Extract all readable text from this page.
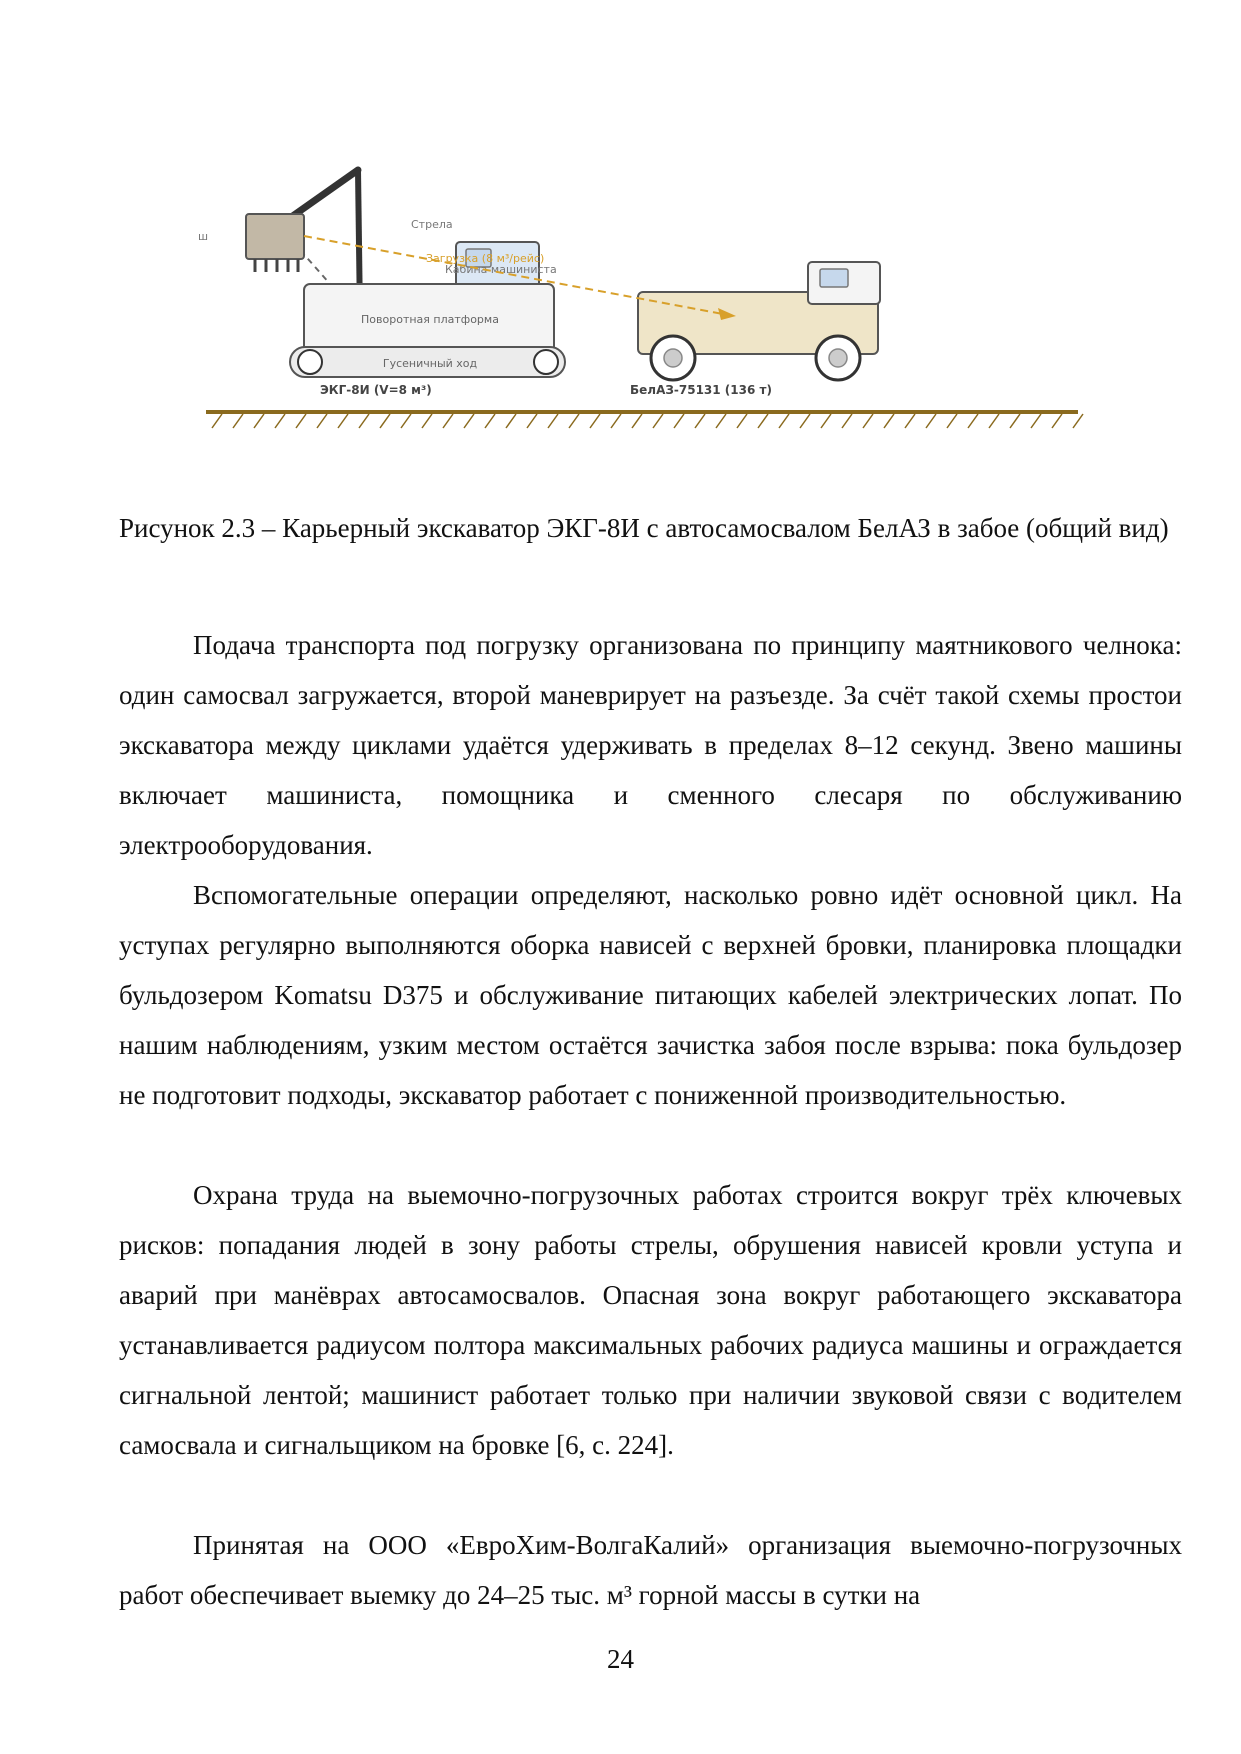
ш
Поворотная платформа
Гусеничный ход
Стрела
Кабина машиниста
Загрузка (8 м³/рейс)
ЭКГ-8И (V=8 м³)	БелАЗ-75131 (136 т)

Рисунок 2.3 – Карьерный экскаватор ЭКГ-8И с автосамосвалом БелАЗ в забое (общий вид)

Подача транспорта под погрузку организована по принципу маятникового челнока: один самосвал загружается, второй маневрирует на разъезде. За счёт такой схемы простои экскаватора между циклами удаётся удерживать в пределах 8–12 секунд. Звено машины включает машиниста, помощника и сменного слесаря по обслуживанию электрооборудования.

Вспомогательные операции определяют, насколько ровно идёт основной цикл. На уступах регулярно выполняются оборка нависей с верхней бровки, планировка площадки бульдозером Komatsu D375 и обслуживание питающих кабелей электрических лопат. По нашим наблюдениям, узким местом остаётся зачистка забоя после взрыва: пока бульдозер не подготовит подходы, экскаватор работает с пониженной производительностью.

Охрана труда на выемочно-погрузочных работах строится вокруг трёх ключевых рисков: попадания людей в зону работы стрелы, обрушения нависей кровли уступа и аварий при манёврах автосамосвалов. Опасная зона вокруг работающего экскаватора устанавливается радиусом полтора максимальных рабочих радиуса машины и ограждается сигнальной лентой; машинист работает только при наличии звуковой связи с водителем самосвала и сигнальщиком на бровке [6, с. 224].

Принятая на ООО «ЕвроХим-ВолгаКалий» организация выемочно-погрузочных работ обеспечивает выемку до 24–25 тыс. м³ горной массы в сутки на

24
